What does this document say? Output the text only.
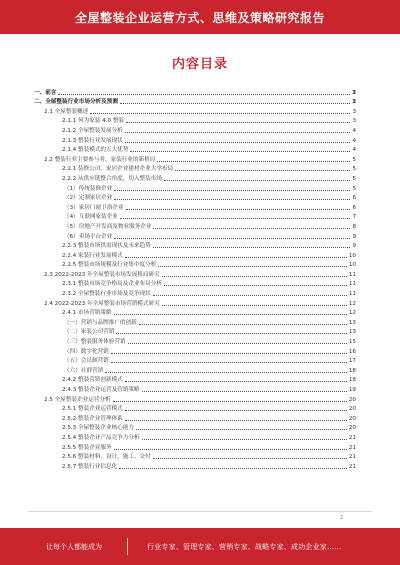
全屋整装企业运营方式、思维及策略研究报告
内容目录
一、前言	3
二、全屋整装行业市场分析及预测	3
2.1 全屋整装概述	3
2.1.1 何为家装 4.0 整装	3
2.1.2 全屋整装发展分析	4
2.1.3 整装行业发展现状	4
2.1.4 整装模式的五大优势	4
2.2 整装行业主要参与者，家装行业的新格局	5
2.2.1 装修公司、家居企业建材企业大举布局	5
2.2.2 从供应链整合角度，切入整装市场	5
（1）传统装修企业	5
（2）定制家居企业	6
（3）家居门窗卫浴企业	6
（4）互联网家装企业	7
（5）房地产开发商及物业服务企业	8
（6）卖场平台企业	9
2.2.3 整装市场供需现状及未来趋势	9
2.2.4 家装行业发展模式	10
2.2.5 整装市场规模及行业集中度分析	10
2.3 2022-2023 年全屋整装市场发展格局研究	11
2.3.1 整装市场竞争格局及企业布局分析	11
2.3.2 全屋整装行业市场及竞争现状	11
2.4 2022-2023 年全屋整装市场营销模式研究	12
2.4.1 市场营销策略	12
（一）营销与品牌推广的创新	13
（二）家装公司营销	13
（三）整装服务体验营销	15
（四）数字化营销	16
（五）会员制营销	17
（六）社群营销	18
2.4.2 整装营销创新模式	18
2.4.3 整装企业运营及营销策略	19
2.5 全屋整装企业运营分析	20
2.5.1 整装企业运营模式	20
2.5.2 整装企业管理体系	20
2.5.3 全屋整装企业核心能力	20
2.5.4 整装企业产品竞争力分析	21
2.5.5 整装企业服务	21
2.5.6 整装材料、设计、施工、交付	21
2.5.7 整装行业信息化	21
2
让每个人都能成为	行业专家、管理专家、营销专家、战略专家、成功企业家……
